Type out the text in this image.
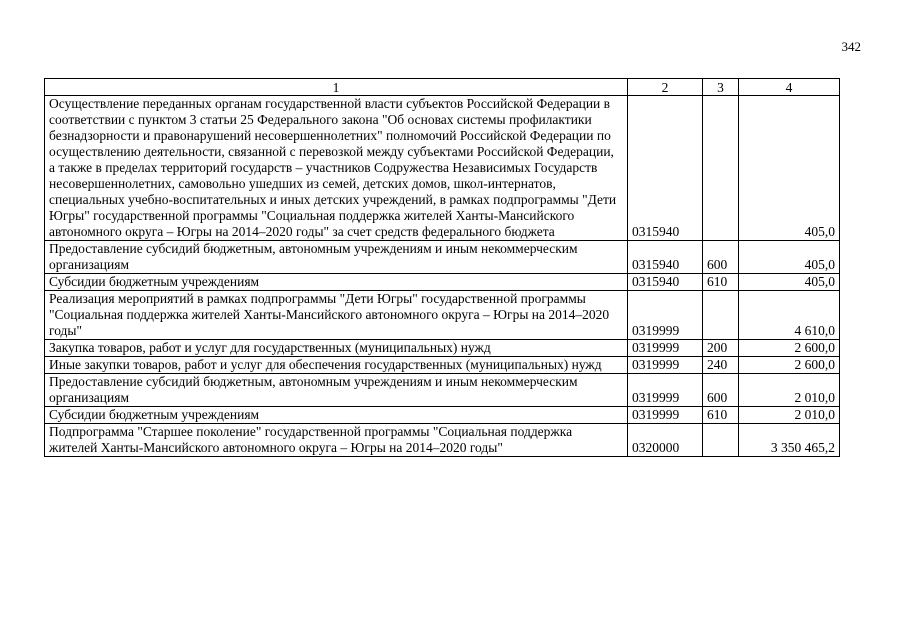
342
1	2	3	4
Осуществление переданных органам государственной власти субъектов Российской Федерации в соответствии с пунктом 3 статьи 25 Федерального закона "Об основах системы профилактики безнадзорности и правонарушений несовершеннолетних" полномочий Российской Федерации по осуществлению деятельности, связанной с перевозкой между субъектами Российской Федерации, а также в пределах территорий государств – участников Содружества Независимых Государств несовершеннолетних, самовольно ушедших из семей, детских домов, школ-интернатов, специальных учебно-воспитательных и иных детских учреждений, в рамках подпрограммы "Дети Югры" государственной программы "Социальная поддержка жителей Ханты-Мансийского автономного округа – Югры на 2014–2020 годы" за счет средств федерального бюджета	0315940		405,0
Предоставление субсидий бюджетным, автономным учреждениям и иным некоммерческим организациям	0315940	600	405,0
Субсидии бюджетным учреждениям	0315940	610	405,0
Реализация мероприятий в рамках подпрограммы "Дети Югры" государственной программы "Социальная поддержка жителей Ханты-Мансийского автономного округа – Югры на 2014–2020 годы"	0319999		4 610,0
Закупка товаров, работ и услуг для государственных (муниципальных) нужд	0319999	200	2 600,0
Иные закупки товаров, работ и услуг для обеспечения государственных (муниципальных) нужд	0319999	240	2 600,0
Предоставление субсидий бюджетным, автономным учреждениям и иным некоммерческим организациям	0319999	600	2 010,0
Субсидии бюджетным учреждениям	0319999	610	2 010,0
Подпрограмма "Старшее поколение" государственной программы "Социальная поддержка жителей Ханты-Мансийского автономного округа – Югры на 2014–2020 годы"	0320000		3 350 465,2
